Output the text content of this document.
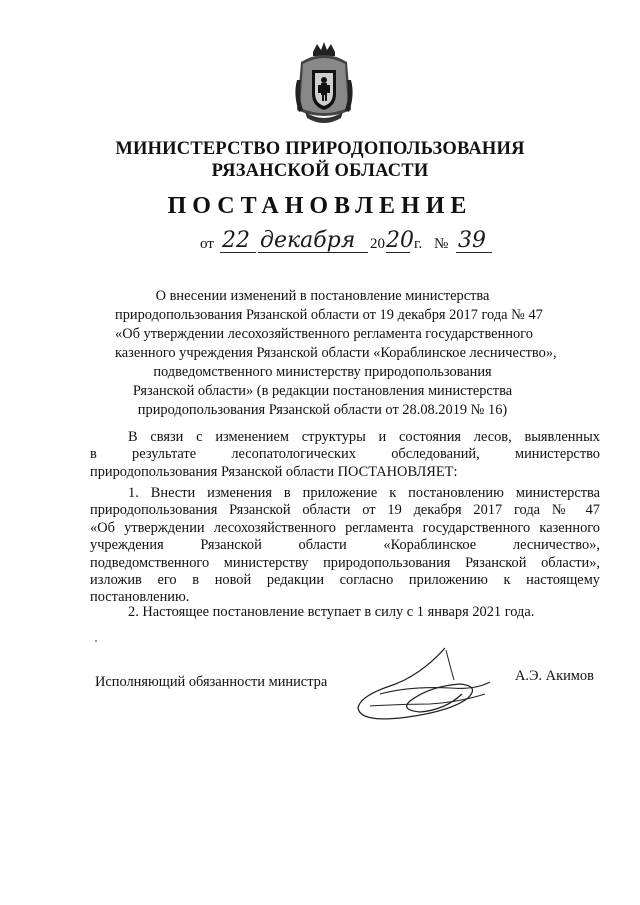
МИНИСТЕРСТВО ПРИРОДОПОЛЬЗОВАНИЯ
РЯЗАНСКОЙ ОБЛАСТИ
ПОСТАНОВЛЕНИЕ
от 22 декабря 20 20 г. № 39
О внесении изменений в постановление министерства
природопользования Рязанской области от 19 декабря 2017 года № 47
«Об утверждении лесохозяйственного регламента государственного
казенного учреждения Рязанской области «Кораблинское лесничество»,
подведомственного министерству природопользования
Рязанской области» (в редакции постановления министерства
природопользования Рязанской области от 28.08.2019 № 16)
В связи с изменением структуры и состояния лесов, выявленных
в результате лесопатологических обследований, министерство
природопользования Рязанской области ПОСТАНОВЛЯЕТ:
1. Внести изменения в приложение к постановлению министерства
природопользования Рязанской области от 19 декабря 2017 года № 47
«Об утверждении лесохозяйственного регламента государственного казенного
учреждения Рязанской области «Кораблинское лесничество»,
подведомственного министерству природопользования Рязанской области»,
изложив его в новой редакции согласно приложению к настоящему
постановлению.
2. Настоящее постановление вступает в силу с 1 января 2021 года.
Исполняющий обязанности министра	А.Э. Акимов
